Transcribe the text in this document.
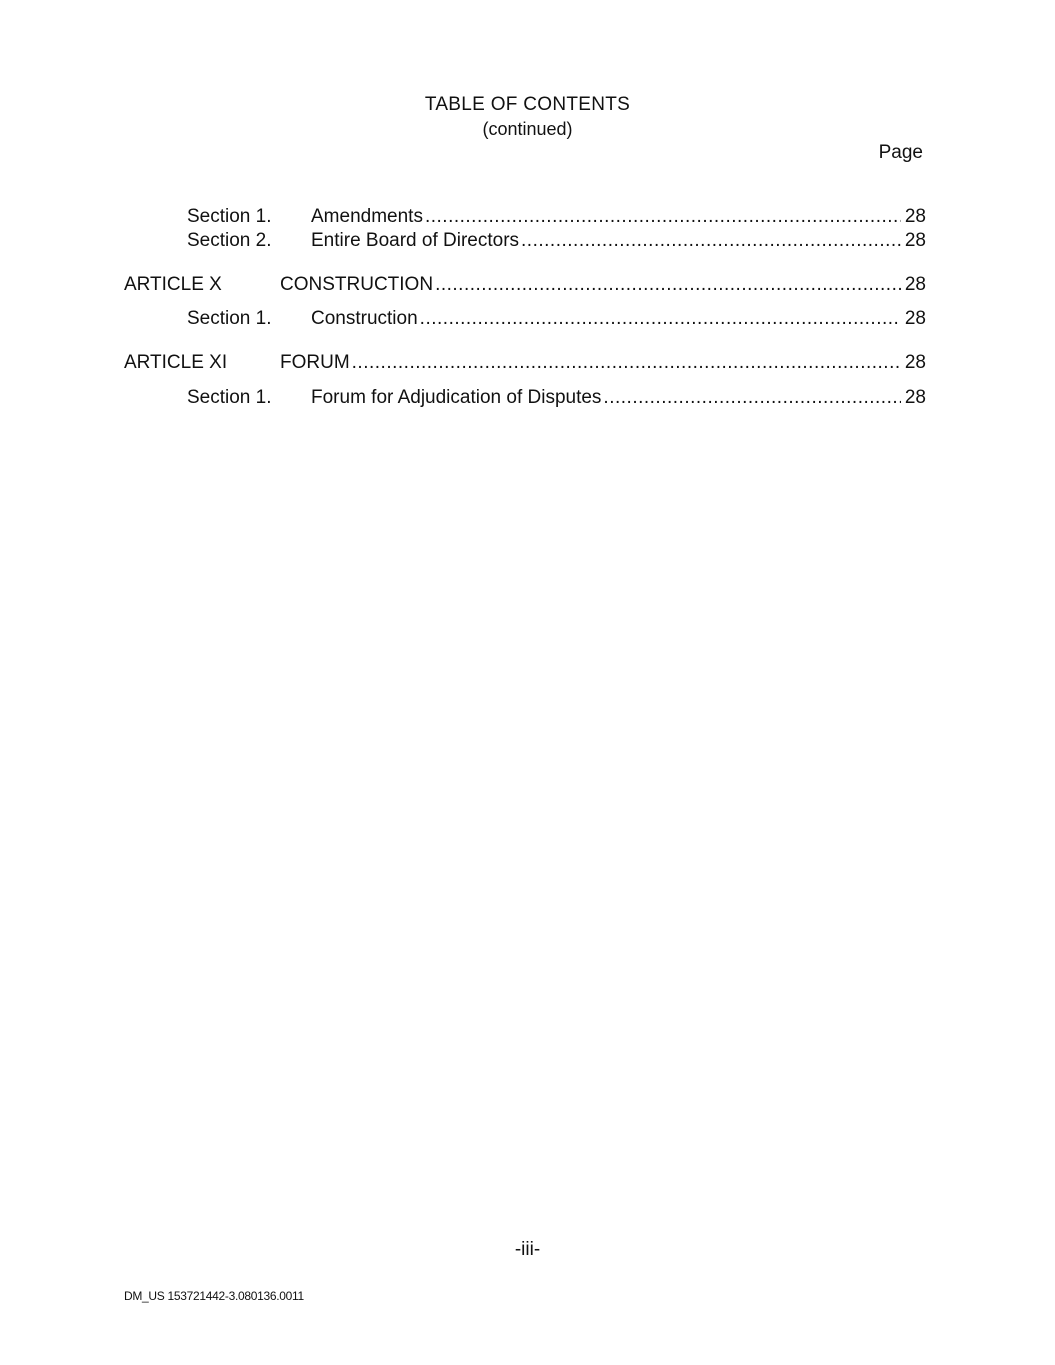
TABLE OF CONTENTS
(continued)
Page
Section 1. Amendments .....	28
Section 2. Entire Board of Directors .....	28
ARTICLE X	CONSTRUCTION .....	28
Section 1. Construction .....	28
ARTICLE XI	FORUM .....	28
Section 1. Forum for Adjudication of Disputes .....	28
-iii-
DM_US 153721442-3.080136.0011
